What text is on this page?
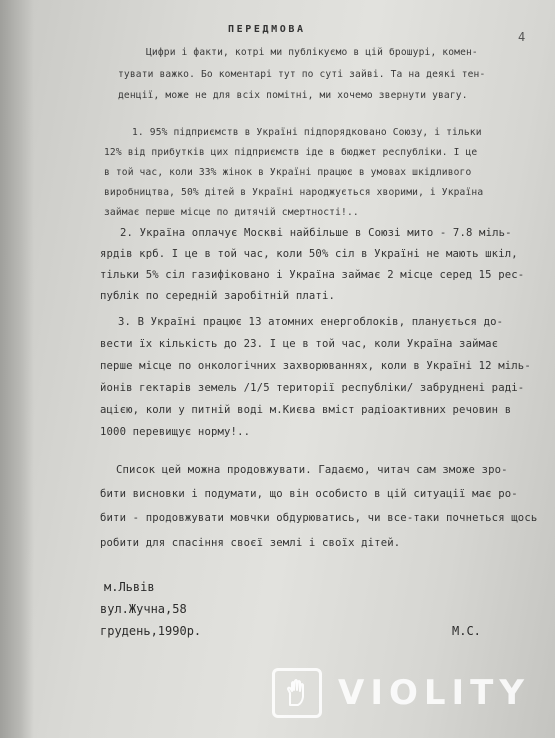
ПЕРЕДМОВА
4
Цифри і факти, котрі ми публікуємо в цій брошурі, комен-
тувати важко. Бо коментарі тут по суті зайві. Та на деякі тен-
денції, може не для всіх помітні, ми хочемо звернути увагу.
1. 95% підприємств в Україні підпорядковано Союзу, і тільки
12% від прибутків цих підприємств іде в бюджет республіки. І це
в той час, коли 33% жінок в Україні працює в умовах шкідливого
виробництва, 50% дітей в Україні народжується хворими, і Україна
займає перше місце по дитячій смертності!..
2. Україна оплачує Москві найбільше в Союзі мито - 7.8 міль-
ярдів крб. І це в той час, коли 50% сіл в Україні не мають шкіл,
тільки 5% сіл газифіковано і Україна займає 2 місце серед 15 рес-
публік по середній заробітній платі.
3. В Україні працює 13 атомних енергоблоків, планується до-
вести їх кількість до 23. І це в той час, коли Україна займає
перше місце по онкологічних захворюваннях, коли в Україні 12 міль-
йонів гектарів земель /1/5 території республіки/ забруднені раді-
ацією, коли у питній воді м.Києва вміст радіоактивних речовин в
1000 перевищує норму!..
Список цей можна продовжувати. Гадаємо, читач сам зможе зро-
бити висновки і подумати, що він особисто в цій ситуації має ро-
бити - продовжувати мовчки обдурюватись, чи все-таки почнеться щось
робити для спасіння своєї землі і своїх дітей.
м.Львів
вул.Жучна,58
грудень,1990р.	М.С.
VIOLITY
